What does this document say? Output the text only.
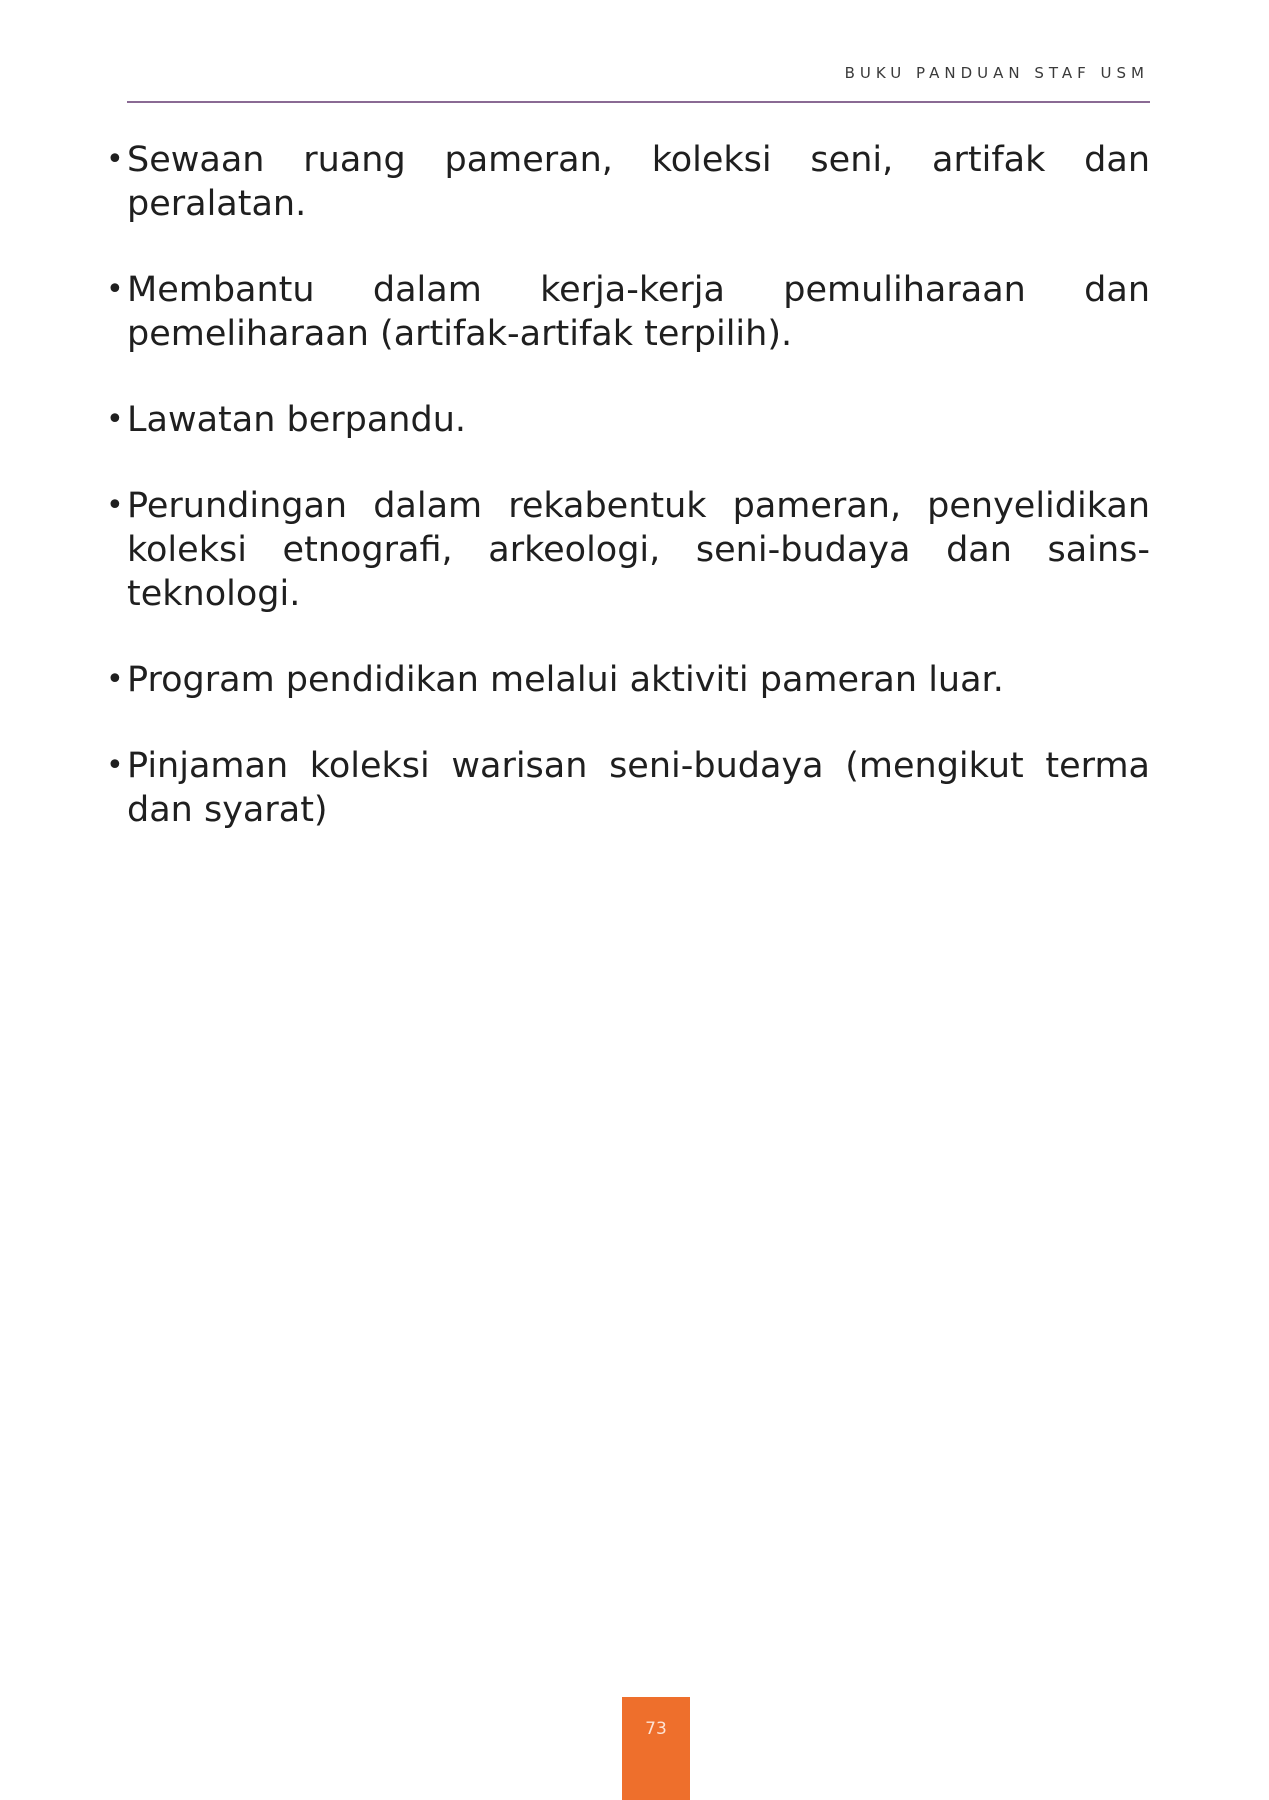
BUKU PANDUAN STAF USM
• Sewaan ruang pameran, koleksi seni, artifak dan peralatan.
• Membantu dalam kerja-kerja pemuliharaan dan pemeliharaan (artifak-artifak terpilih).
• Lawatan berpandu.
• Perundingan dalam rekabentuk pameran, penyelidikan koleksi etnografi, arkeologi, seni-budaya dan sains-teknologi.
• Program pendidikan melalui aktiviti pameran luar.
• Pinjaman koleksi warisan seni-budaya (mengikut terma dan syarat)
73
